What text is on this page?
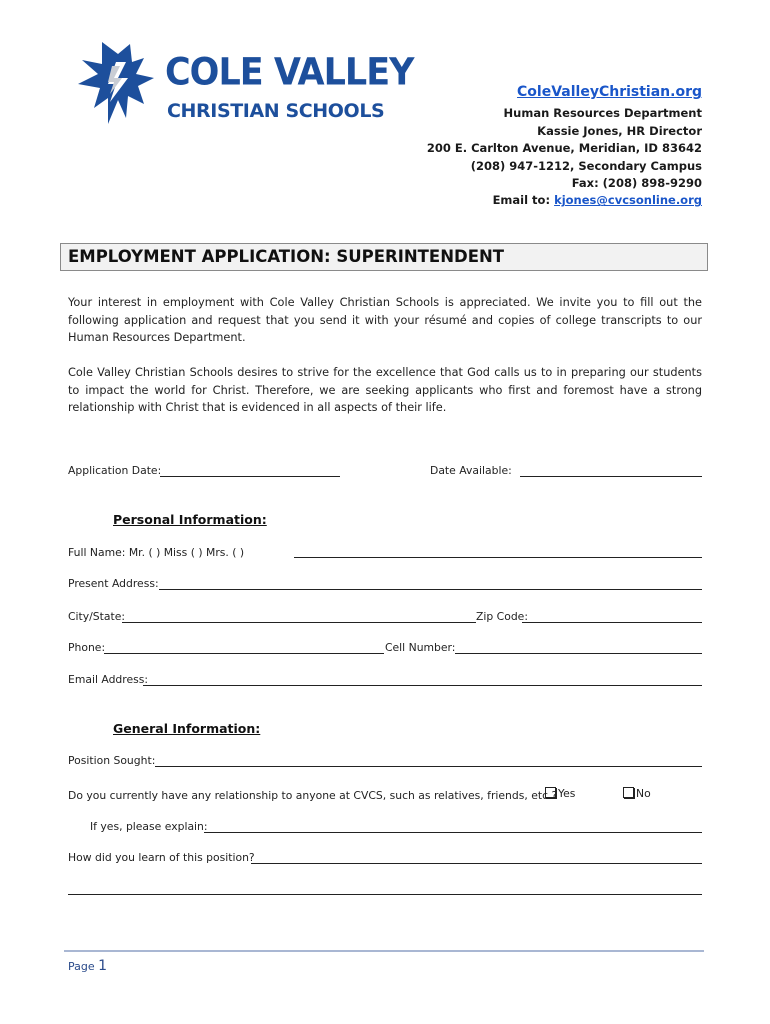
COLE VALLEY
CHRISTIAN SCHOOLS
ColeValleyChristian.org
Human Resources Department
Kassie Jones, HR Director
200 E. Carlton Avenue, Meridian, ID 83642
(208) 947-1212, Secondary Campus
Fax: (208) 898-9290
Email to: kjones@cvcsonline.org
EMPLOYMENT APPLICATION: SUPERINTENDENT
Your interest in employment with Cole Valley Christian Schools is appreciated. We invite you to fill out the following application and request that you send it with your résumé and copies of college transcripts to our Human Resources Department.
Cole Valley Christian Schools desires to strive for the excellence that God calls us to in preparing our students to impact the world for Christ. Therefore, we are seeking applicants who first and foremost have a strong relationship with Christ that is evidenced in all aspects of their life.
Application Date:	Date Available:
Personal Information:
Full Name: Mr. ( ) Miss ( ) Mrs. ( )
Present Address:
City/State:	Zip Code:
Phone:	Cell Number:
Email Address:
General Information:
Position Sought:
Do you currently have any relationship to anyone at CVCS, such as relatives, friends, etc.? Yes	No
If yes, please explain:
How did you learn of this position?
Page 1
